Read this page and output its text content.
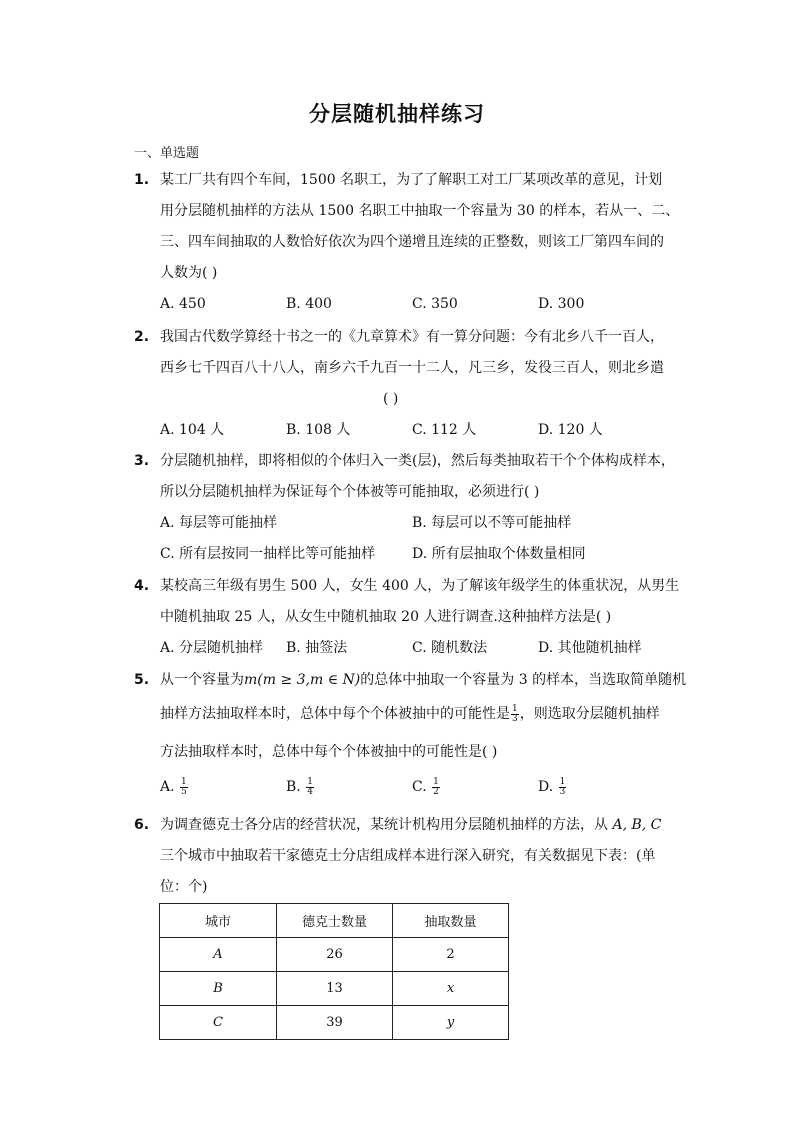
分层随机抽样练习
一、单选题
1. 某工厂共有四个车间，1500 名职工，为了了解职工对工厂某项改革的意见，计划
用分层随机抽样的方法从 1500 名职工中抽取一个容量为 30 的样本，若从一、二、
三、四车间抽取的人数恰好依次为四个递增且连续的正整数，则该工厂第四车间的
人数为( )
A. 450	B. 400	C. 350	D. 300
2. 我国古代数学算经十书之一的《九章算术》有一算分问题：今有北乡八千一百人，
西乡七千四百八十八人，南乡六千九百一十二人，凡三乡，发役三百人，则北乡遣
( )
A. 104 人	B. 108 人	C. 112 人	D. 120 人
3. 分层随机抽样，即将相似的个体归入一类(层)，然后每类抽取若干个个体构成样本，
所以分层随机抽样为保证每个个体被等可能抽取，必须进行( )
A. 每层等可能抽样	B. 每层可以不等可能抽样
C. 所有层按同一抽样比等可能抽样	D. 所有层抽取个体数量相同
4. 某校高三年级有男生 500 人，女生 400 人，为了解该年级学生的体重状况，从男生
中随机抽取 25 人，从女生中随机抽取 20 人进行调查.这种抽样方法是( )
A. 分层随机抽样 B. 抽签法	C. 随机数法	D. 其他随机抽样
5. 从一个容量为m(m ≥ 3,m ∈ N)的总体中抽取一个容量为 3 的样本，当选取简单随机
抽样方法抽取样本时，总体中每个个体被抽中的可能性是 $\frac{1}{3}$ ，则选取分层随机抽样
方法抽取样本时，总体中每个个体被抽中的可能性是( )
A. $\frac{1}{5}$	B. $\frac{1}{4}$	C. $\frac{1}{2}$	D. $\frac{1}{3}$
6. 为调查德克士各分店的经营状况，某统计机构用分层随机抽样的方法，从 A, B, C
三个城市中抽取若干家德克士分店组成样本进行深入研究，有关数据见下表：(单
位：个)
城市	德克士数量	抽取数量
A	26	2
B	13	x
C	39	y
